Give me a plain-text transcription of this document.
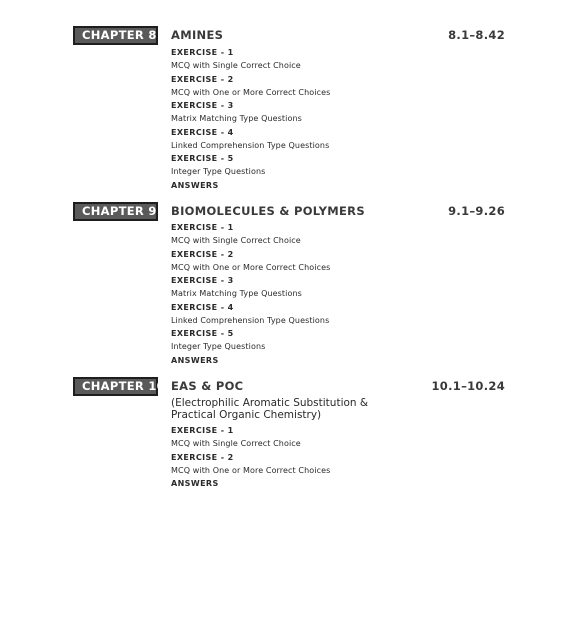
CHAPTER 8 AMINES	8.1–8.42
EXERCISE - 1
MCQ with Single Correct Choice
EXERCISE - 2
MCQ with One or More Correct Choices
EXERCISE - 3
Matrix Matching Type Questions
EXERCISE - 4
Linked Comprehension Type Questions
EXERCISE - 5
Integer Type Questions
ANSWERS
CHAPTER 9 BIOMOLECULES & POLYMERS	9.1–9.26
EXERCISE - 1
MCQ with Single Correct Choice
EXERCISE - 2
MCQ with One or More Correct Choices
EXERCISE - 3
Matrix Matching Type Questions
EXERCISE - 4
Linked Comprehension Type Questions
EXERCISE - 5
Integer Type Questions
ANSWERS
CHAPTER 10 EAS & POC	10.1–10.24
(Electrophilic Aromatic Substitution &
Practical Organic Chemistry)
EXERCISE - 1
MCQ with Single Correct Choice
EXERCISE - 2
MCQ with One or More Correct Choices
ANSWERS
